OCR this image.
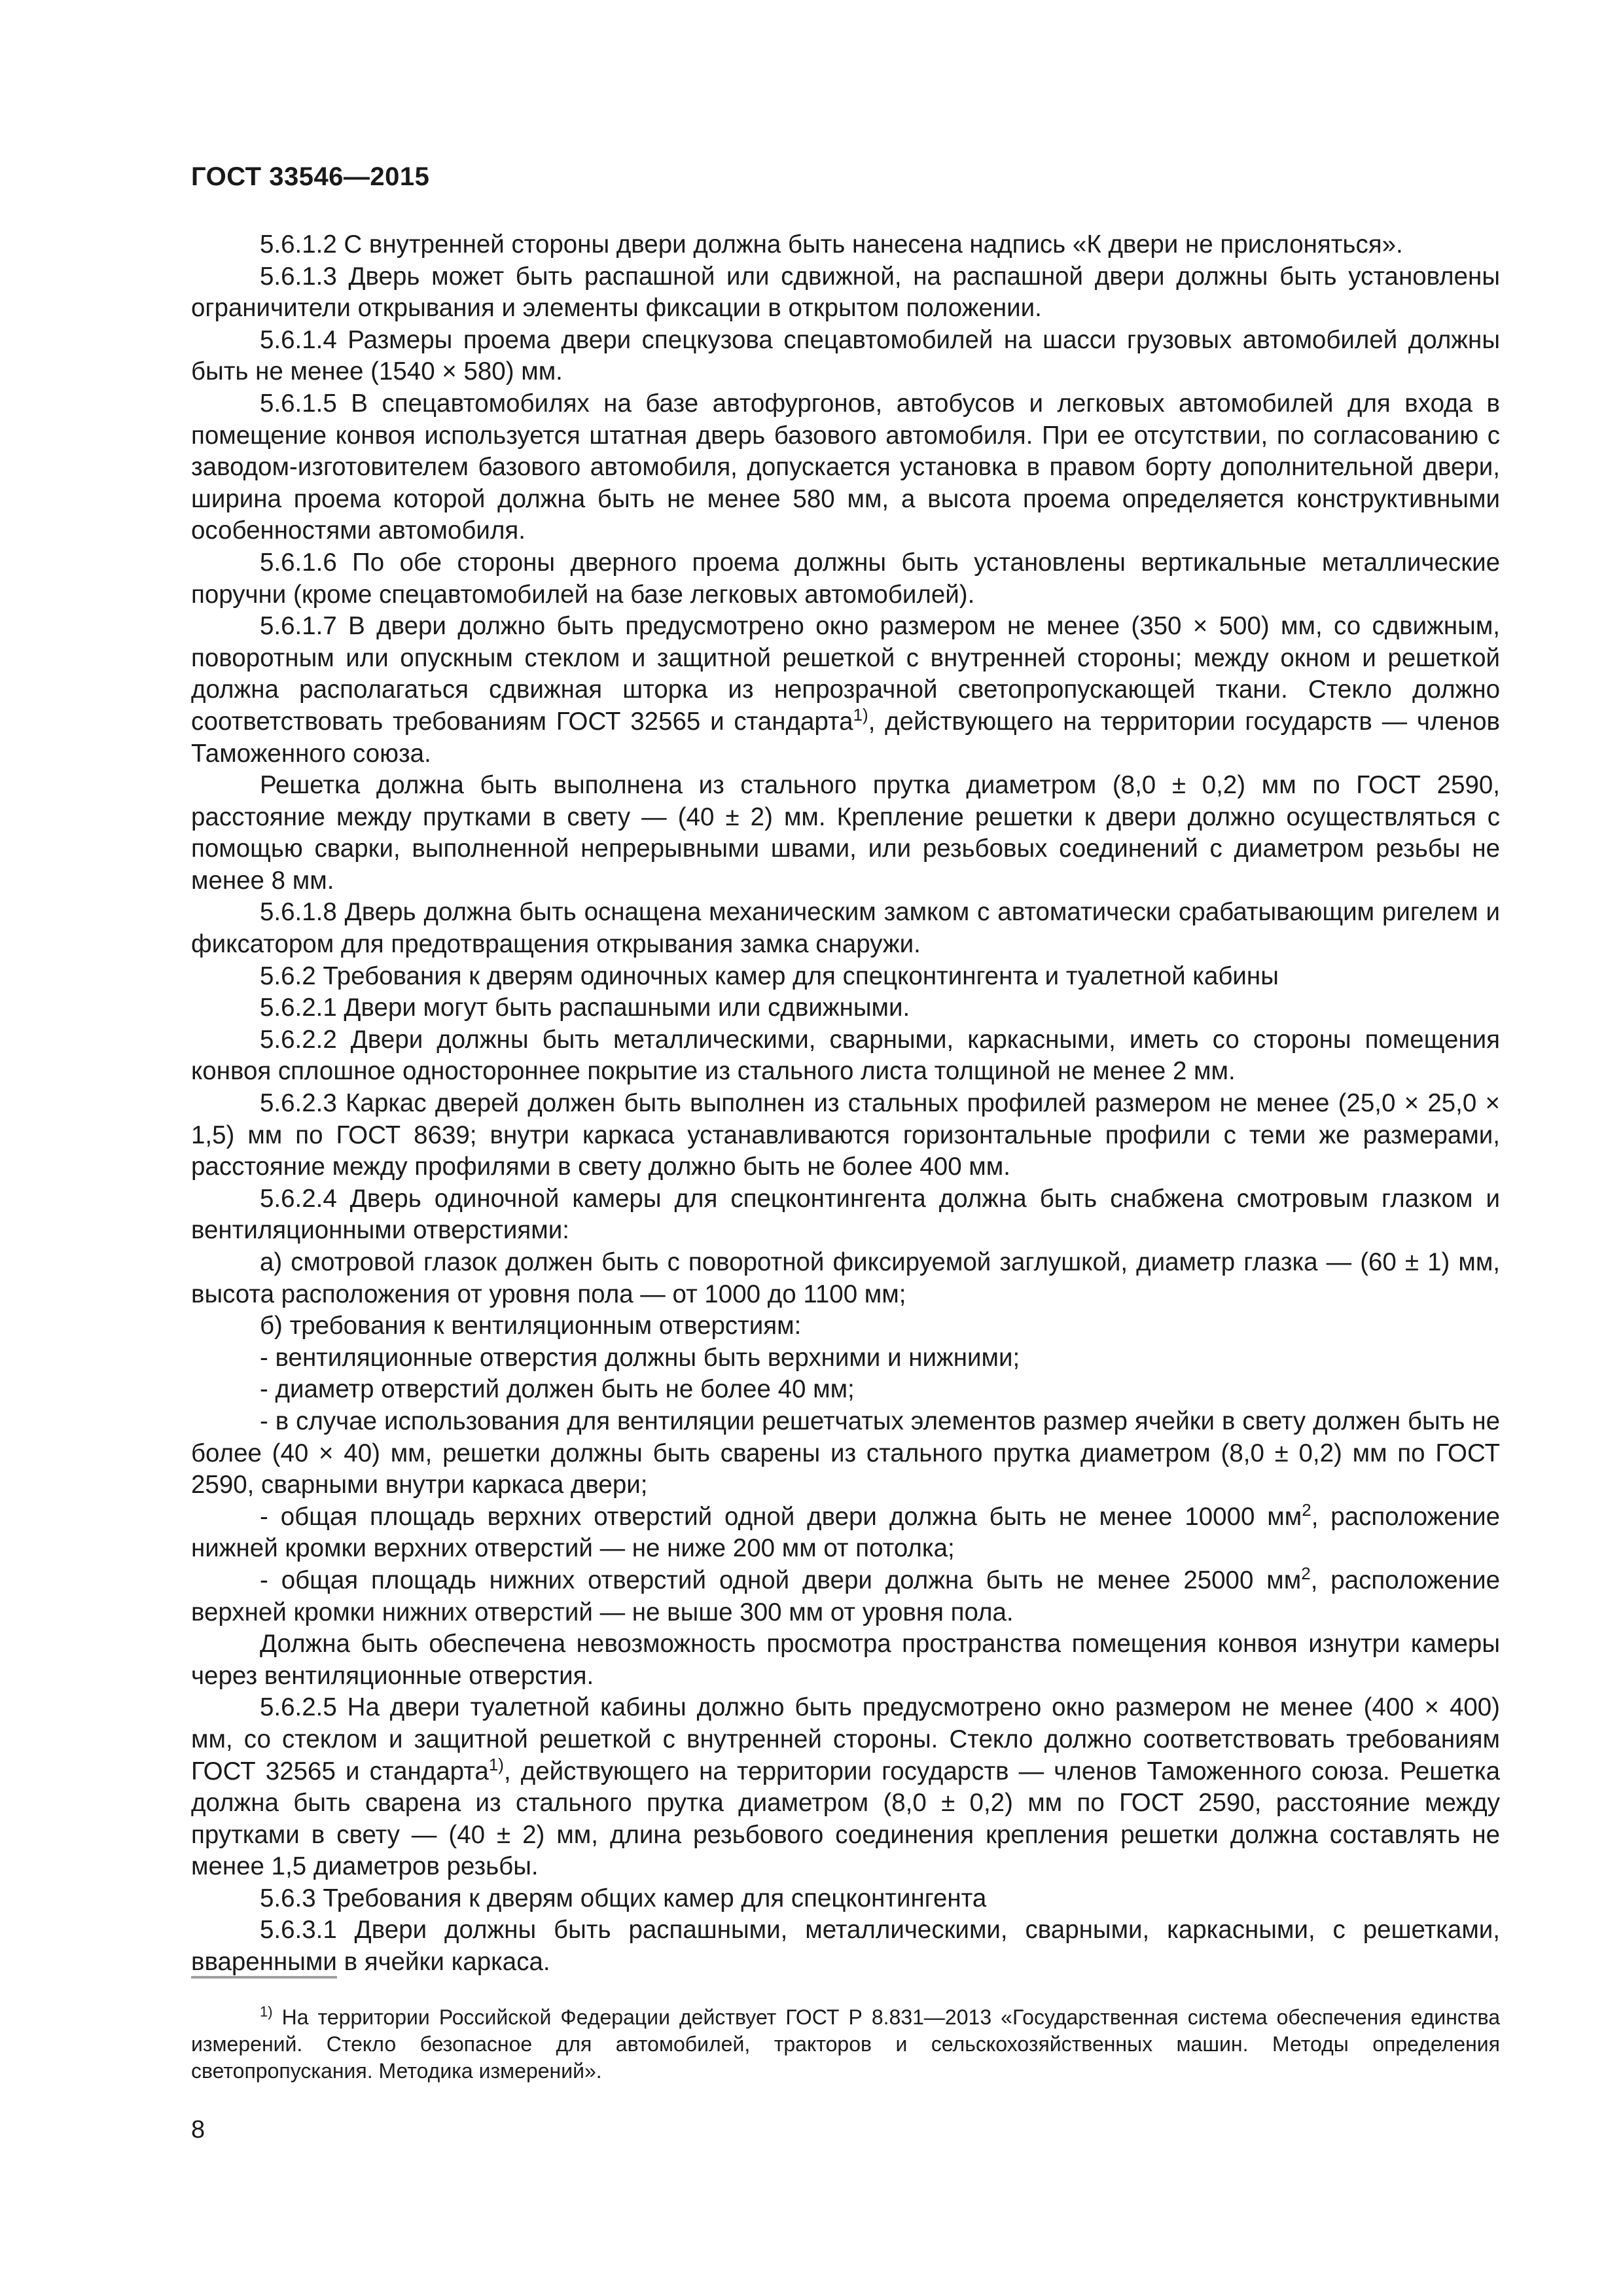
ГОСТ 33546—2015

5.6.1.2 С внутренней стороны двери должна быть нанесена надпись «К двери не прислоняться».

5.6.1.3 Дверь может быть распашной или сдвижной, на распашной двери должны быть установлены ограничители открывания и элементы фиксации в открытом положении.

5.6.1.4 Размеры проема двери спецкузова спецавтомобилей на шасси грузовых автомобилей должны быть не менее (1540 × 580) мм.

5.6.1.5 В спецавтомобилях на базе автофургонов, автобусов и легковых автомобилей для входа в помещение конвоя используется штатная дверь базового автомобиля. При ее отсутствии, по согласованию с заводом-изготовителем базового автомобиля, допускается установка в правом борту дополнительной двери, ширина проема которой должна быть не менее 580 мм, а высота проема определяется конструктивными особенностями автомобиля.

5.6.1.6 По обе стороны дверного проема должны быть установлены вертикальные металлические поручни (кроме спецавтомобилей на базе легковых автомобилей).

5.6.1.7 В двери должно быть предусмотрено окно размером не менее (350 × 500) мм, со сдвижным, поворотным или опускным стеклом и защитной решеткой с внутренней стороны; между окном и решеткой должна располагаться сдвижная шторка из непрозрачной светопропускающей ткани. Стекло должно соответствовать требованиям ГОСТ 32565 и стандарта$^{1)}$, действующего на территории государств — членов Таможенного союза.

Решетка должна быть выполнена из стального прутка диаметром (8,0 ± 0,2) мм по ГОСТ 2590, расстояние между прутками в свету — (40 ± 2) мм. Крепление решетки к двери должно осуществляться с помощью сварки, выполненной непрерывными швами, или резьбовых соединений с диаметром резьбы не менее 8 мм.

5.6.1.8 Дверь должна быть оснащена механическим замком с автоматически срабатывающим ригелем и фиксатором для предотвращения открывания замка снаружи.

5.6.2 Требования к дверям одиночных камер для спецконтингента и туалетной кабины

5.6.2.1 Двери могут быть распашными или сдвижными.

5.6.2.2 Двери должны быть металлическими, сварными, каркасными, иметь со стороны помещения конвоя сплошное одностороннее покрытие из стального листа толщиной не менее 2 мм.

5.6.2.3 Каркас дверей должен быть выполнен из стальных профилей размером не менее (25,0 × 25,0 × 1,5) мм по ГОСТ 8639; внутри каркаса устанавливаются горизонтальные профили с теми же размерами, расстояние между профилями в свету должно быть не более 400 мм.

5.6.2.4 Дверь одиночной камеры для спецконтингента должна быть снабжена смотровым глазком и вентиляционными отверстиями:

а) смотровой глазок должен быть с поворотной фиксируемой заглушкой, диаметр глазка — (60 ± 1) мм, высота расположения от уровня пола — от 1000 до 1100 мм;

б) требования к вентиляционным отверстиям:

- вентиляционные отверстия должны быть верхними и нижними;

- диаметр отверстий должен быть не более 40 мм;

- в случае использования для вентиляции решетчатых элементов размер ячейки в свету должен быть не более (40 × 40) мм, решетки должны быть сварены из стального прутка диаметром (8,0 ± 0,2) мм по ГОСТ 2590, сварными внутри каркаса двери;

- общая площадь верхних отверстий одной двери должна быть не менее 10000 $мм^2$, расположение нижней кромки верхних отверстий — не ниже 200 мм от потолка;

- общая площадь нижних отверстий одной двери должна быть не менее 25000 $мм^2$, расположение верхней кромки нижних отверстий — не выше 300 мм от уровня пола.

Должна быть обеспечена невозможность просмотра пространства помещения конвоя изнутри камеры через вентиляционные отверстия.

5.6.2.5 На двери туалетной кабины должно быть предусмотрено окно размером не менее (400 × 400) мм, со стеклом и защитной решеткой с внутренней стороны. Стекло должно соответствовать требованиям ГОСТ 32565 и стандарта$^{1)}$, действующего на территории государств — членов Таможенного союза. Решетка должна быть сварена из стального прутка диаметром (8,0 ± 0,2) мм по ГОСТ 2590, расстояние между прутками в свету — (40 ± 2) мм, длина резьбового соединения крепления решетки должна составлять не менее 1,5 диаметров резьбы.

5.6.3 Требования к дверям общих камер для спецконтингента

5.6.3.1 Двери должны быть распашными, металлическими, сварными, каркасными, с решетками, вваренными в ячейки каркаса.

$^{1)}$ На территории Российской Федерации действует ГОСТ Р 8.831—2013 «Государственная система обеспечения единства измерений. Стекло безопасное для автомобилей, тракторов и сельскохозяйственных машин. Методы определения светопропускания. Методика измерений».

8
